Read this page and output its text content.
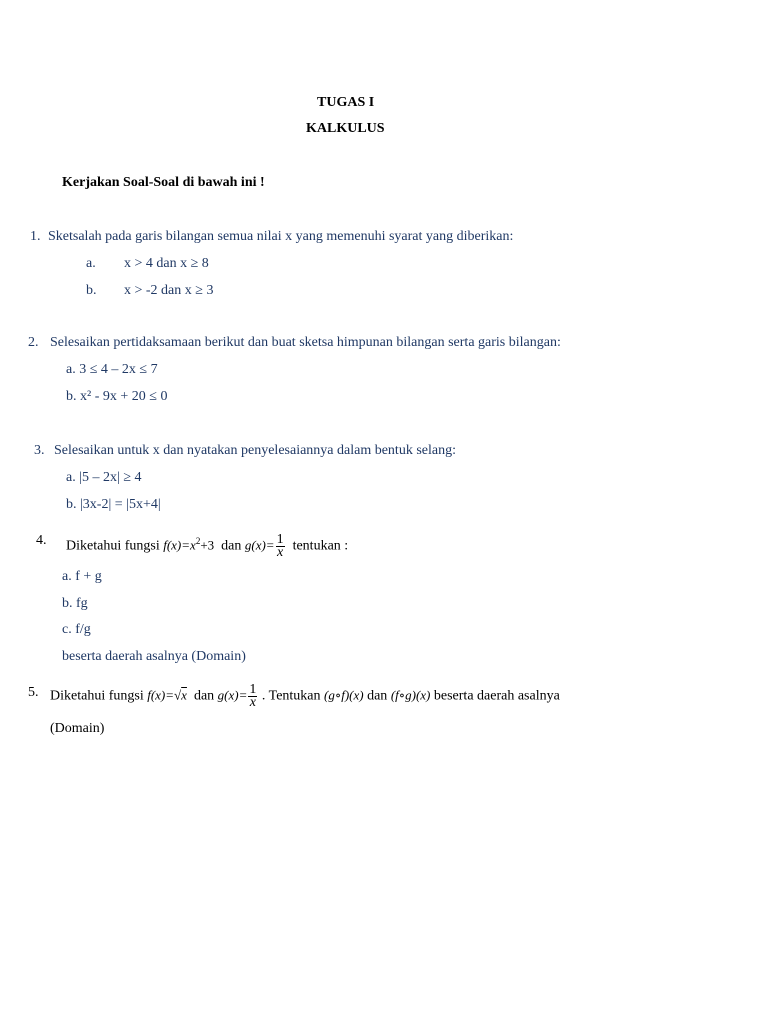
TUGAS I
KALKULUS
Kerjakan Soal-Soal di bawah ini !
1. Sketsalah pada garis bilangan semua nilai x yang memenuhi syarat yang diberikan:
a. x > 4 dan x ≥ 8
b. x > -2 dan x ≥ 3
2. Selesaikan pertidaksamaan berikut dan buat sketsa himpunan bilangan serta garis bilangan:
a. 3 ≤ 4 – 2x ≤ 7
b. x² - 9x + 20 ≤ 0
3. Selesaikan untuk x dan nyatakan penyelesaiannya dalam bentuk selang:
a. |5 – 2x| ≥ 4
b. |3x-2| = |5x+4|
4. Diketahui fungsi $f(x)=x^2+3$ dan $g(x)= \frac{1}{x}$ tentukan :
a. f + g
b. fg
c. f/g
beserta daerah asalnya (Domain)
5. Diketahui fungsi f(x)=√x dan $g(x)= \frac{1}{x}$ . Tentukan (g∘f)(x) dan (f∘g)(x) beserta daerah asalnya
(Domain)
